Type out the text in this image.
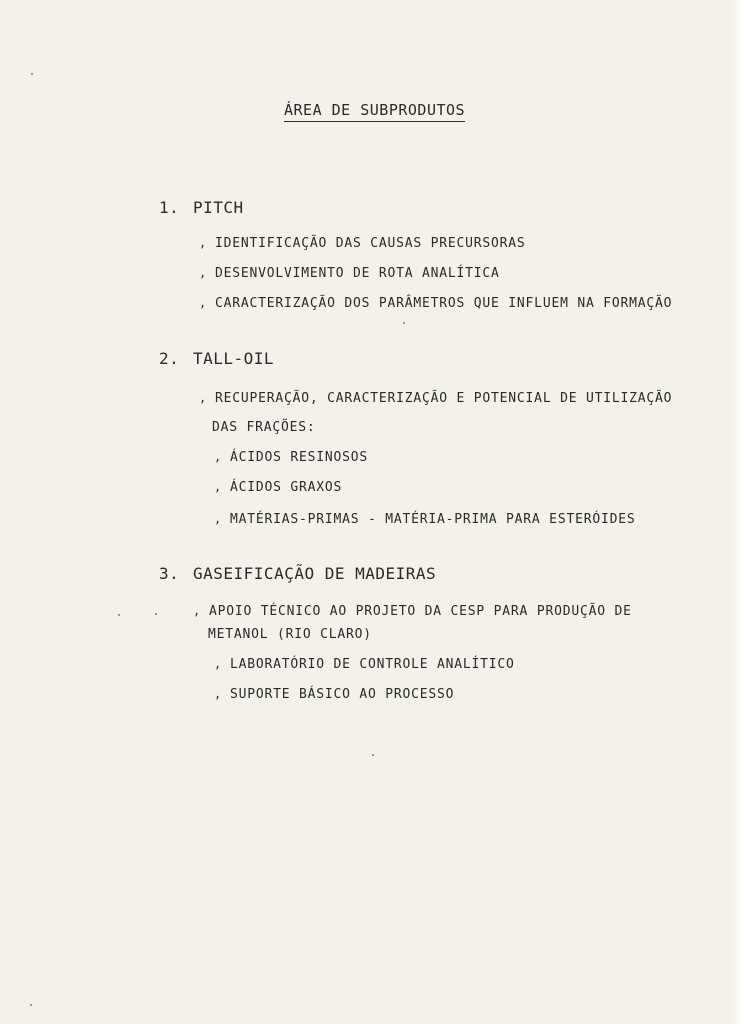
ÁREA DE SUBPRODUTOS
1. PITCH
, IDENTIFICAÇÃO DAS CAUSAS PRECURSORAS
, DESENVOLVIMENTO DE ROTA ANALÍTICA
, CARACTERIZAÇÃO DOS PARÂMETROS QUE INFLUEM NA FORMAÇÃO
2. TALL-OIL
, RECUPERAÇÃO, CARACTERIZAÇÃO E POTENCIAL DE UTILIZAÇÃO
DAS FRAÇÕES:
, ÁCIDOS RESINOSOS
, ÁCIDOS GRAXOS
, MATÉRIAS-PRIMAS - MATÉRIA-PRIMA PARA ESTERÓIDES
3. GASEIFICAÇÃO DE MADEIRAS
, APOIO TÉCNICO AO PROJETO DA CESP PARA PRODUÇÃO DE
METANOL (RIO CLARO)
, LABORATÓRIO DE CONTROLE ANALÍTICO
, SUPORTE BÁSICO AO PROCESSO
